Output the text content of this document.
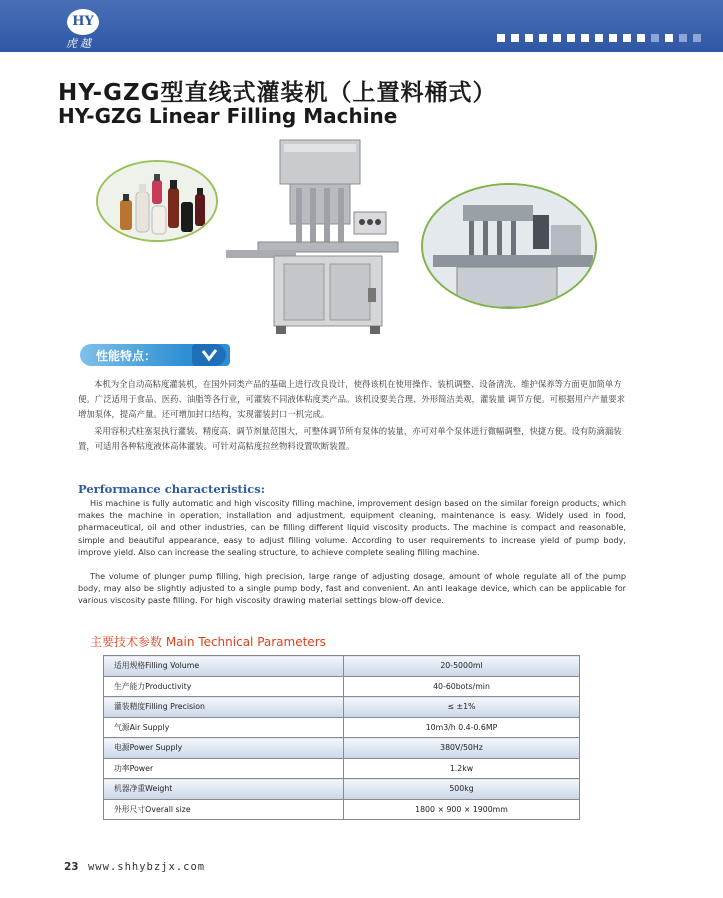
HY
虎越
HY-GZG型直线式灌装机（上置料桶式）
HY-GZG Linear Filling Machine
性能特点：

本机为全自动高粘度灌装机，在国外同类产品的基础上进行改良设计，使得该机在使用操作、装机调整、设备清洗、维护保养等方面更加简单方便。广泛适用于食品、医药、油脂等各行业，可灌装不同液体粘度类产品。该机设要美合理、外形简洁美观，灌装量 调节方便。可根据用户产量要求增加泵体，提高产量。还可增加封口结构，实现灌装封口一机完成。

采用容积式柱塞泵执行灌装、精度高、调节剂量范围大，可整体调节所有泵体的装量，亦可对单个泵体进行微幅调整，快捷方便。设有防滴漏装置，可适用各种粘度液体高体灌装。可针对高粘度拉丝物料设置吹断装置。

Performance characteristics:

His machine is fully automatic and high viscosity filling machine, improvement design based on the similar foreign products, which makes the machine in operation, installation and adjustment, equipment cleaning, maintenance is easy. Widely used in food, pharmaceutical, oil and other industries, can be filling different liquid viscosity products. The machine is compact and reasonable, simple and beautiful appearance, easy to adjust filling volume. According to user requirements to increase yield of pump body, improve yield. Also can increase the sealing structure, to achieve complete sealing filling machine.

The volume of plunger pump filling, high precision, large range of adjusting dosage, amount of whole regulate all of the pump body, may also be slightly adjusted to a single pump body, fast and convenient. An anti leakage device, which can be applicable for various viscosity paste filling. For high viscosity drawing material settings blow-off device.

主要技术参数 Main Technical Parameters
适用规格Filling Volume	20-5000ml
生产能力Productivity	40-60bots/min
灌装精度Filling Precision	≤ ±1%
气源Air Supply	10m3/h 0.4-0.6MP
电源Power Supply	380V/50Hz
功率Power	1.2kw
机器净重Weight	500kg
外形尺寸Overall size	1800 × 900 × 1900mm
23 www.shhybzjx.com
